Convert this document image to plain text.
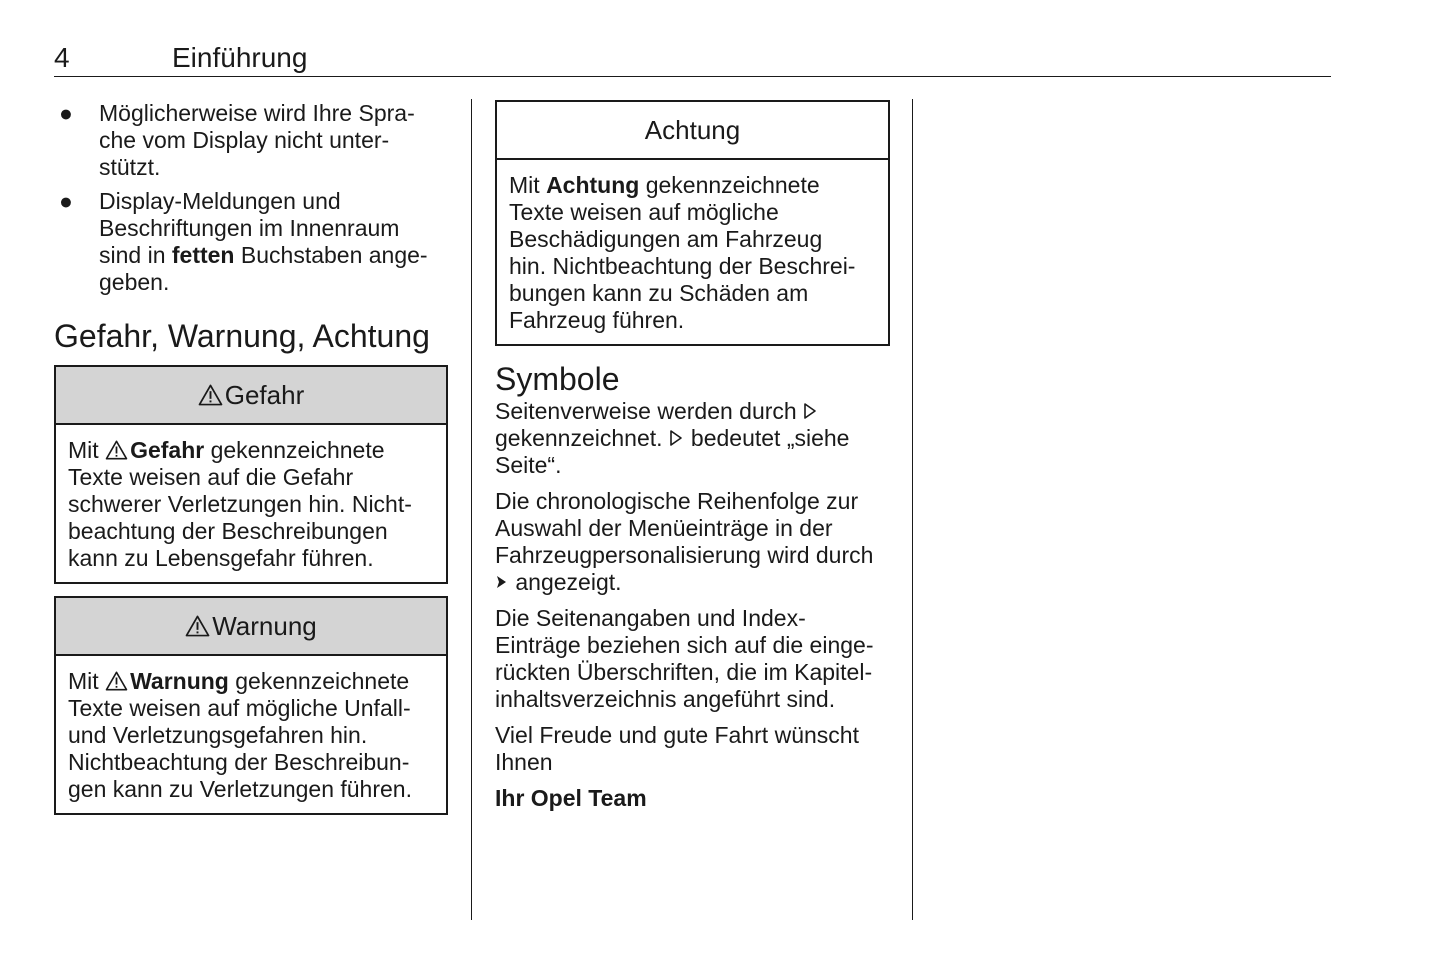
4	Einführung
● Möglicherweise wird Ihre Spra-
che vom Display nicht unter-
stützt.
● Display-Meldungen und
Beschriftungen im Innenraum
sind in fetten Buchstaben ange-
geben.
Gefahr, Warnung, Achtung
Gefahr
Mit Gefahr gekennzeichnete
Texte weisen auf die Gefahr
schwerer Verletzungen hin. Nicht-
beachtung der Beschreibungen
kann zu Lebensgefahr führen.
Warnung
Mit Warnung gekennzeichnete
Texte weisen auf mögliche Unfall-
und Verletzungsgefahren hin.
Nichtbeachtung der Beschreibun-
gen kann zu Verletzungen führen.
Achtung
Mit Achtung gekennzeichnete
Texte weisen auf mögliche
Beschädigungen am Fahrzeug
hin. Nichtbeachtung der Beschrei-
bungen kann zu Schäden am
Fahrzeug führen.
Symbole

Seitenverweise werden durch
gekennzeichnet. bedeutet „siehe
Seite“.

Die chronologische Reihenfolge zur
Auswahl der Menüeinträge in der
Fahrzeugpersonalisierung wird durch
angezeigt.

Die Seitenangaben und Index-
Einträge beziehen sich auf die einge-
rückten Überschriften, die im Kapitel-
inhaltsverzeichnis angeführt sind.

Viel Freude und gute Fahrt wünscht
Ihnen

Ihr Opel Team
